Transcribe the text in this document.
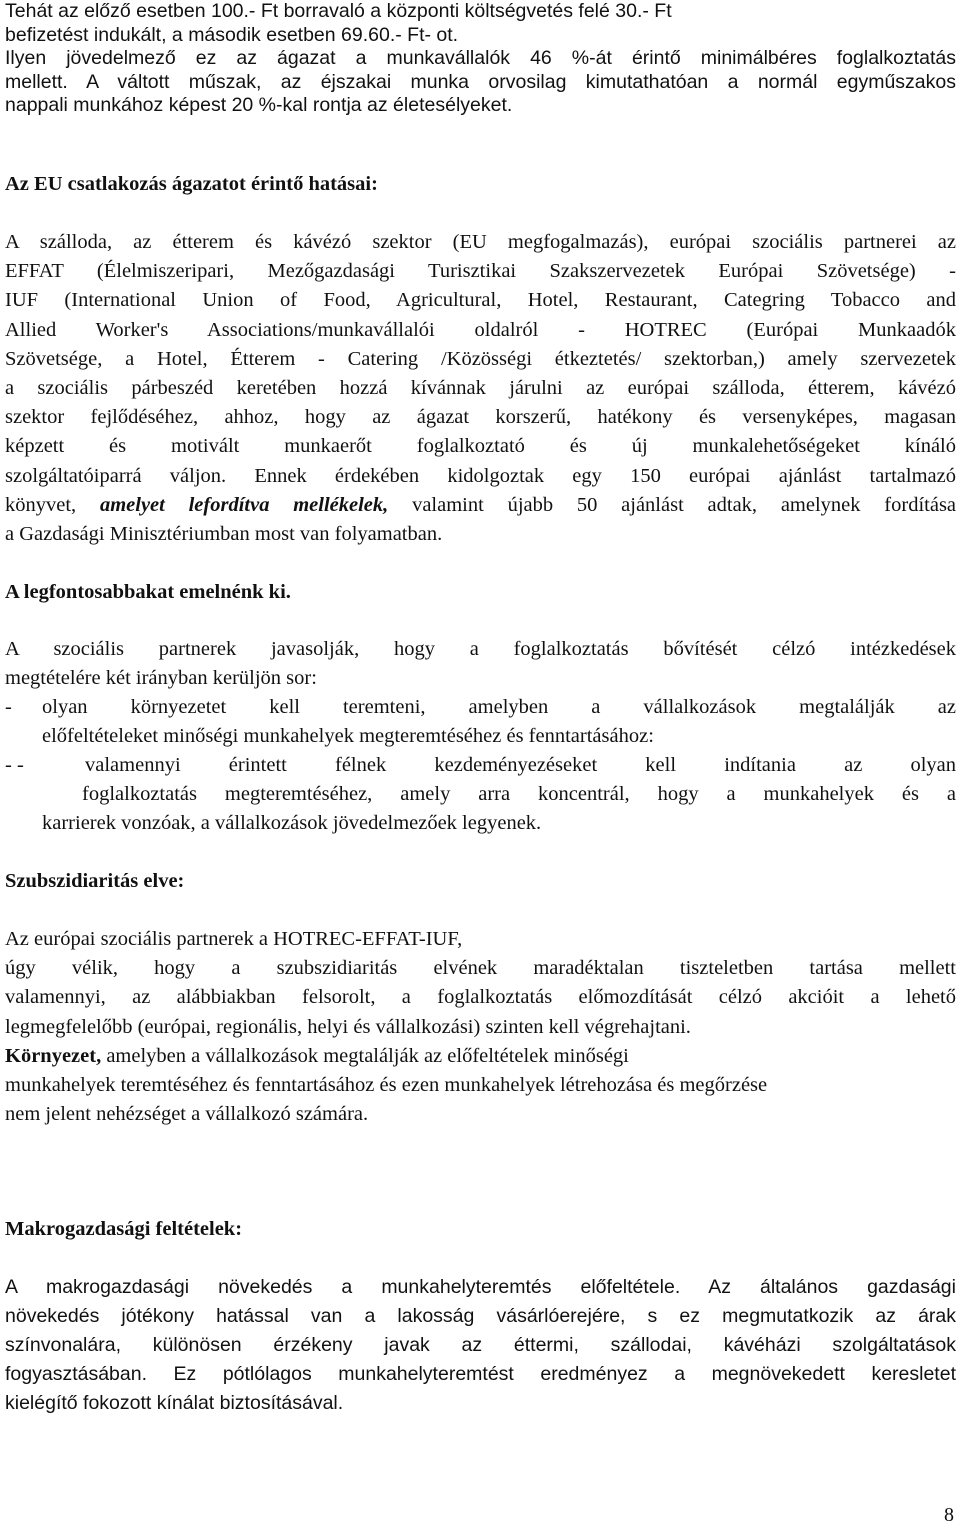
Tehát az előző esetben 100.- Ft borravaló a központi költségvetés felé 30.- Ft
befizetést indukált, a második esetben 69.60.- Ft- ot.
Ilyen jövedelmező ez az ágazat a munkavállalók 46 %-át érintő minimálbéres foglalkoztatás
mellett. A váltott műszak, az éjszakai munka orvosilag kimutathatóan a normál egyműszakos
nappali munkához képest 20 %-kal rontja az életesélyeket.
Az EU csatlakozás ágazatot érintő hatásai:
A szálloda, az étterem és kávézó szektor (EU megfogalmazás), európai szociális partnerei az
EFFAT (Élelmiszeripari, Mezőgazdasági Turisztikai Szakszervezetek Európai Szövetsége) -
IUF (International Union of Food, Agricultural, Hotel, Restaurant, Categring Tobacco and
Allied Worker's Associations/munkavállalói oldalról - HOTREC (Európai Munkaadók
Szövetsége, a Hotel, Étterem - Catering /Közösségi étkeztetés/ szektorban,) amely szervezetek
a szociális párbeszéd keretében hozzá kívánnak járulni az európai szálloda, étterem, kávézó
szektor fejlődéséhez, ahhoz, hogy az ágazat korszerű, hatékony és versenyképes, magasan
képzett és motivált munkaerőt foglalkoztató és új munkalehetőségeket kínáló
szolgáltatóiparrá váljon. Ennek érdekében kidolgoztak egy 150 európai ajánlást tartalmazó
könyvet, amelyet lefordítva mellékelek, valamint újabb 50 ajánlást adtak, amelynek fordítása
a Gazdasági Minisztériumban most van folyamatban.
A legfontosabbakat emelnénk ki.
A szociális partnerek javasolják, hogy a foglalkoztatás bővítését célzó intézkedések
megtételére két irányban kerüljön sor:
- olyan környezetet kell teremteni, amelyben a vállalkozások megtalálják az
előfeltételeket minőségi munkahelyek megteremtéséhez és fenntartásához:
- -	valamennyi érintett félnek kezdeményezéseket kell indítania az olyan
foglalkoztatás megteremtéséhez, amely arra koncentrál, hogy a munkahelyek és a
karrierek vonzóak, a vállalkozások jövedelmezőek legyenek.
Szubszidiaritás elve:
Az európai szociális partnerek a HOTREC-EFFAT-IUF,
úgy vélik, hogy a szubszidiaritás elvének maradéktalan tiszteletben tartása mellett
valamennyi, az alábbiakban felsorolt, a foglalkoztatás előmozdítását célzó akcióit a lehető
legmegfelelőbb (európai, regionális, helyi és vállalkozási) szinten kell végrehajtani.
Környezet, amelyben a vállalkozások megtalálják az előfeltételek minőségi
munkahelyek teremtéséhez és fenntartásához és ezen munkahelyek létrehozása és megőrzése
nem jelent nehézséget a vállalkozó számára.
Makrogazdasági feltételek:
A makrogazdasági növekedés a munkahelyteremtés előfeltétele. Az általános gazdasági
növekedés jótékony hatással van a lakosság vásárlóerejére, s ez megmutatkozik az árak
színvonalára, különösen érzékeny javak az éttermi, szállodai, kávéházi szolgáltatások
fogyasztásában. Ez pótlólagos munkahelyteremtést eredményez a megnövekedett keresletet
kielégítő fokozott kínálat biztosításával.
8
